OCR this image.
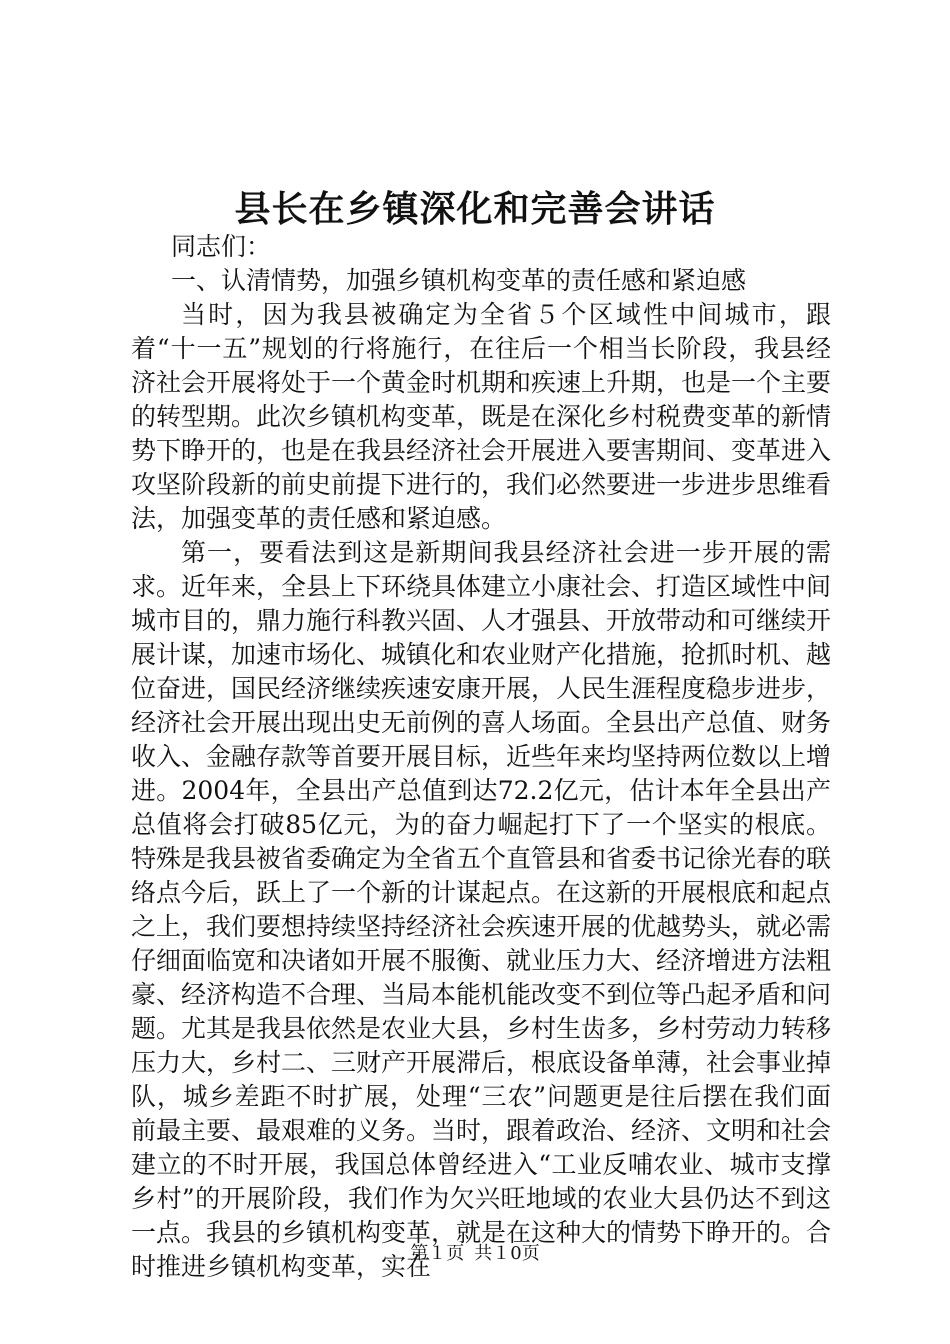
县长在乡镇深化和完善会讲话

同志们：

一、认清情势，加强乡镇机构变革的责任感和紧迫感

当时，因为我县被确定为全省５个区域性中间城市，跟着“十一五”规划的行将施行，在往后一个相当长阶段，我县经济社会开展将处于一个黄金时机期和疾速上升期，也是一个主要的转型期。此次乡镇机构变革，既是在深化乡村税费变革的新情势下睁开的，也是在我县经济社会开展进入要害期间、变革进入攻坚阶段新的前史前提下进行的，我们必然要进一步进步思维看法，加强变革的责任感和紧迫感。

第一，要看法到这是新期间我县经济社会进一步开展的需求。近年来，全县上下环绕具体建立小康社会、打造区域性中间城市目的，鼎力施行科教兴固、人才强县、开放带动和可继续开展计谋，加速市场化、城镇化和农业财产化措施，抢抓时机、越位奋进，国民经济继续疾速安康开展，人民生涯程度稳步进步，经济社会开展出现出史无前例的喜人场面。全县出产总值、财务收入、金融存款等首要开展目标，近些年来均坚持两位数以上增进。2004年，全县出产总值到达72.2亿元，估计本年全县出产总值将会打破85亿元，为的奋力崛起打下了一个坚实的根底。特殊是我县被省委确定为全省五个直管县和省委书记徐光春的联络点今后，跃上了一个新的计谋起点。在这新的开展根底和起点之上，我们要想持续坚持经济社会疾速开展的优越势头，就必需仔细面临宽和决诸如开展不服衡、就业压力大、经济增进方法粗豪、经济构造不合理、当局本能机能改变不到位等凸起矛盾和问题。尤其是我县依然是农业大县，乡村生齿多，乡村劳动力转移压力大，乡村二、三财产开展滞后，根底设备单薄，社会事业掉队，城乡差距不时扩展，处理“三农”问题更是往后摆在我们面前最主要、最艰难的义务。当时，跟着政治、经济、文明和社会建立的不时开展，我国总体曾经进入“工业反哺农业、城市支撑乡村”的开展阶段，我们作为欠兴旺地域的农业大县仍达不到这一点。我县的乡镇机构变革，就是在这种大的情势下睁开的。合时推进乡镇机构变革，实在

第１页 共１0页
